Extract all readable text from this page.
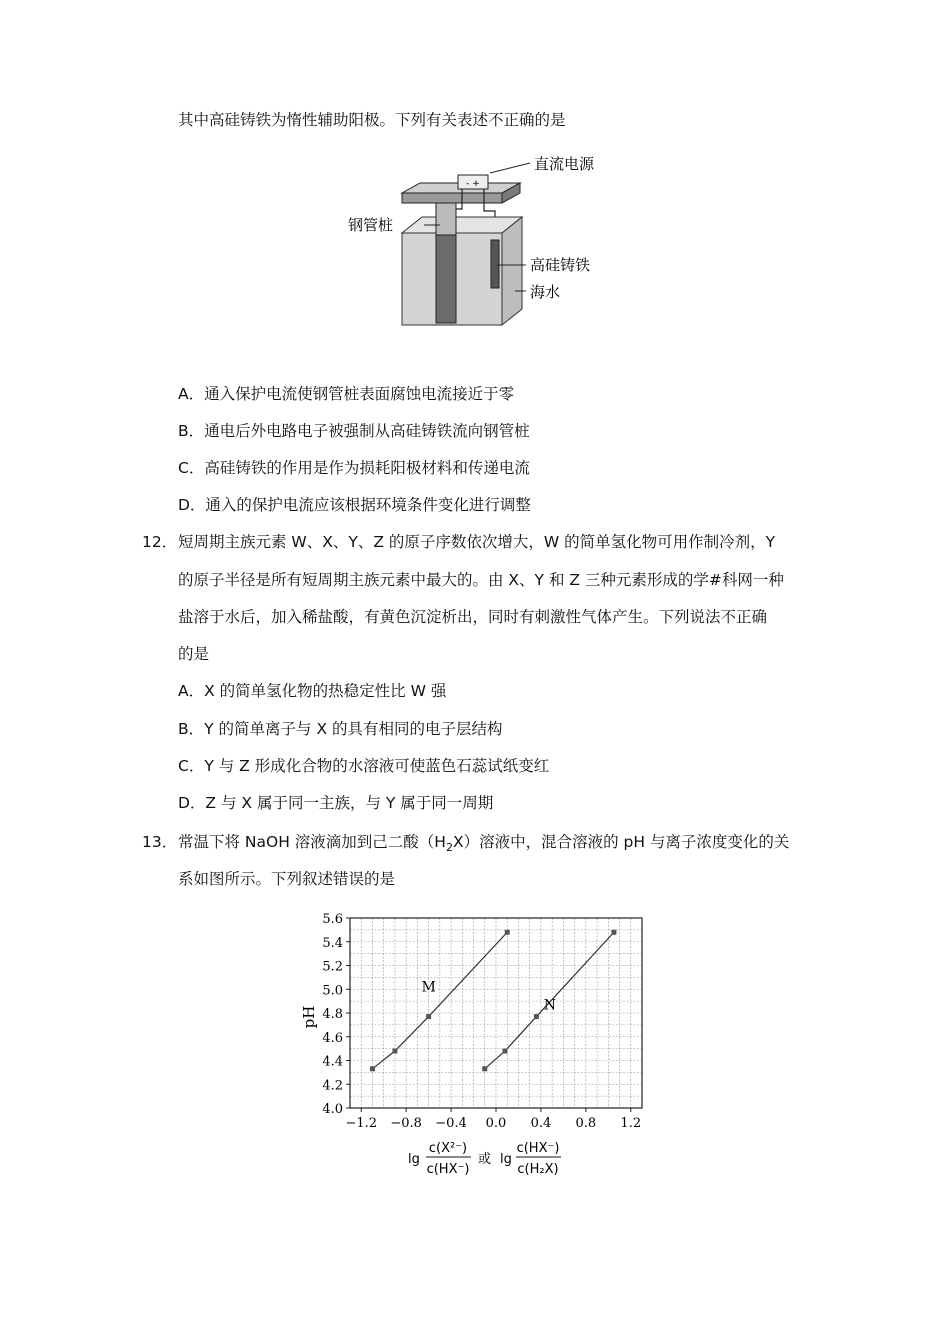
其中高硅铸铁为惰性辅助阳极。下列有关表述不正确的是
- +
直流电源
钢管桩
高硅铸铁
海水
A．通入保护电流使钢管桩表面腐蚀电流接近于零
B．通电后外电路电子被强制从高硅铸铁流向钢管桩
C．高硅铸铁的作用是作为损耗阳极材料和传递电流
D．通入的保护电流应该根据环境条件变化进行调整
12． 短周期主族元素 W、X、Y、Z 的原子序数依次增大，W 的简单氢化物可用作制冷剂，Y
的原子半径是所有短周期主族元素中最大的。由 X、Y 和 Z 三种元素形成的学#科网一种
盐溶于水后，加入稀盐酸，有黄色沉淀析出，同时有刺激性气体产生。下列说法不正确
的是
A．X 的简单氢化物的热稳定性比 W 强
B．Y 的简单离子与 X 的具有相同的电子层结构
C．Y 与 Z 形成化合物的水溶液可使蓝色石蕊试纸变红
D．Z 与 X 属于同一主族，与 Y 属于同一周期
13． 常温下将 NaOH 溶液滴加到己二酸$(H_2X)$溶液中，混合溶液的 pH 与离子浓度变化的关
系如图所示。下列叙述错误的是
−1.2 −0.8 −0.4 0.0 0.4 0.8 1.2
4.0
4.2
4.4
4.6
4.8
5.0
5.2
5.4
5.6
M
N
pH
lg
c(X²⁻)
c(HX⁻)
或 lg
c(HX⁻)
c(H₂X)
